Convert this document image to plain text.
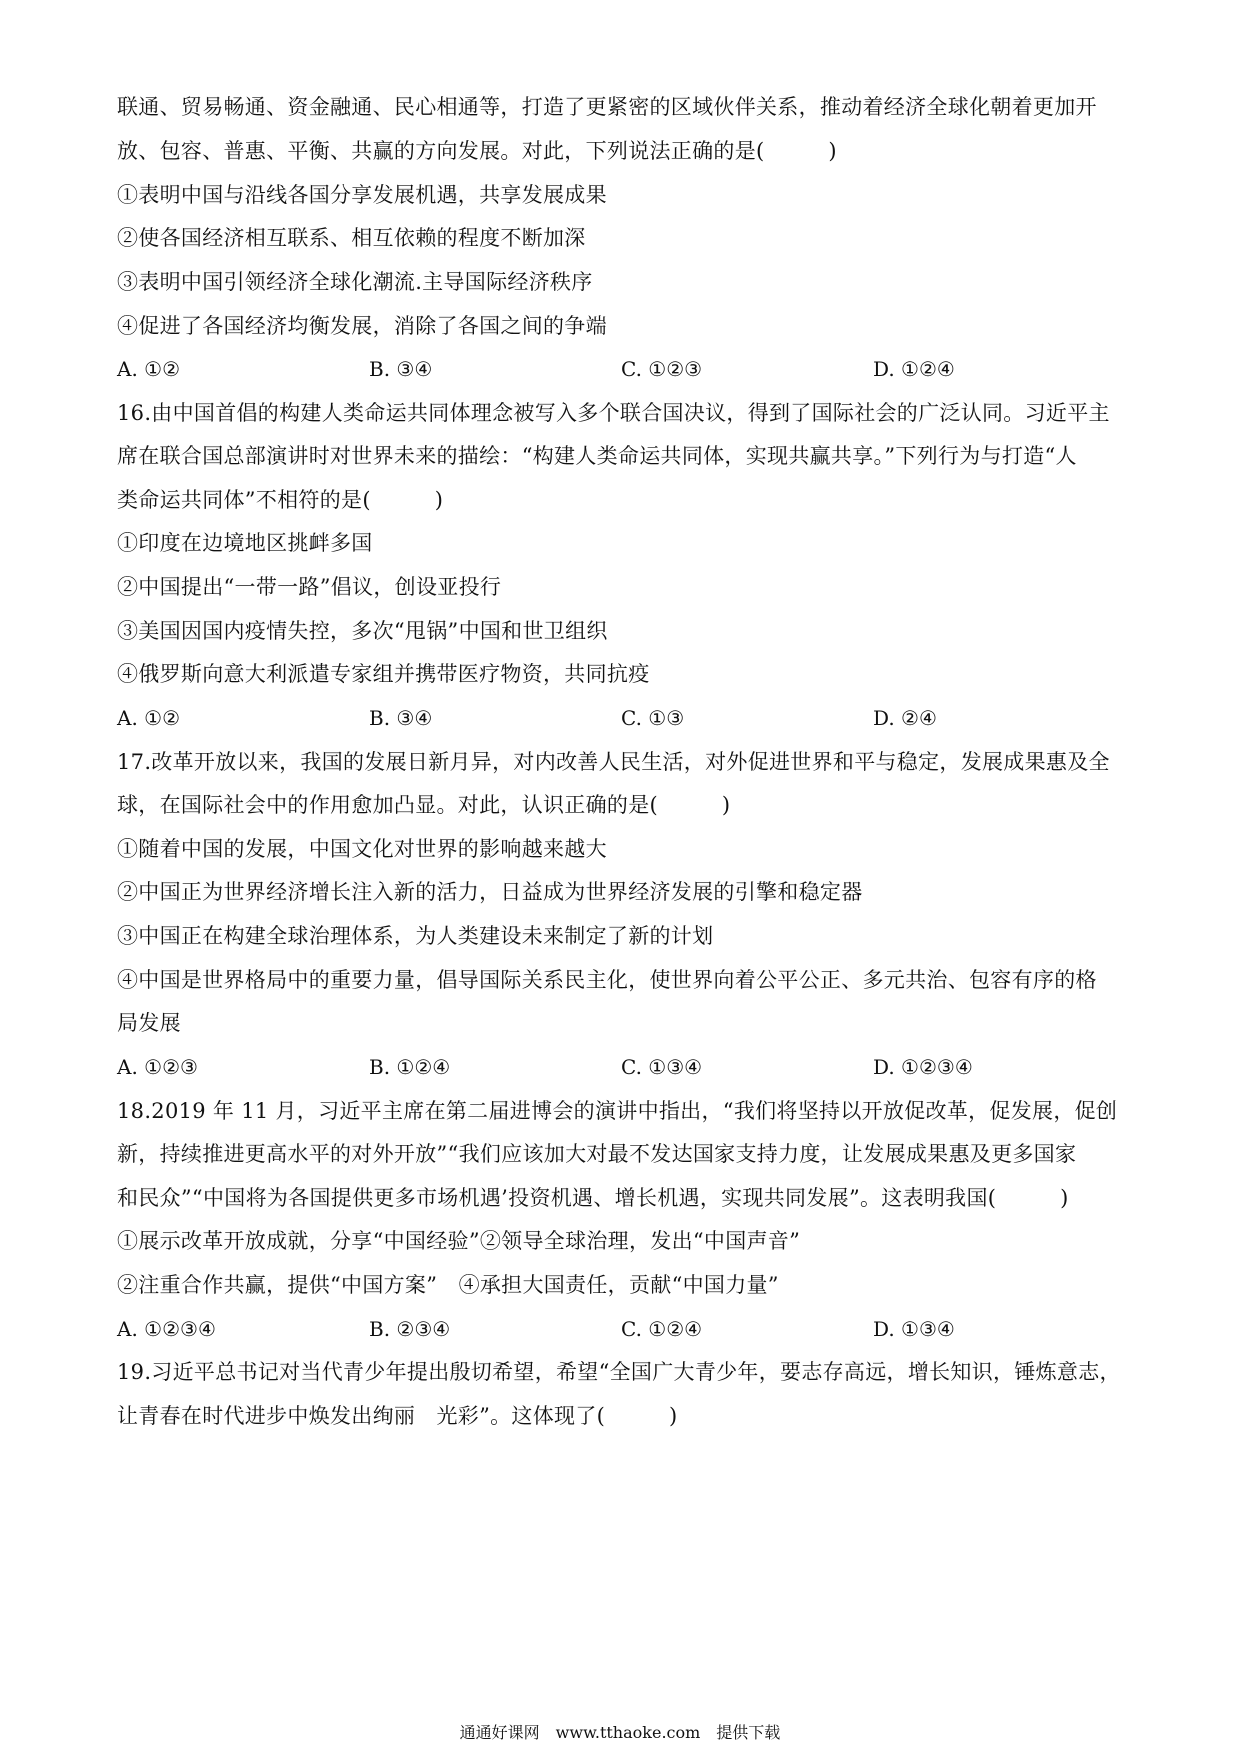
联通、贸易畅通、资金融通、民心相通等，打造了更紧密的区域伙伴关系，推动着经济全球化朝着更加开
放、包容、普惠、平衡、共赢的方向发展。对此，下列说法正确的是(　　　)
①表明中国与沿线各国分享发展机遇，共享发展成果
②使各国经济相互联系、相互依赖的程度不断加深
③表明中国引领经济全球化潮流.主导国际经济秩序
④促进了各国经济均衡发展，消除了各国之间的争端
A. ①②	B. ③④	C. ①②③	D. ①②④
16.由中国首倡的构建人类命运共同体理念被写入多个联合国决议，得到了国际社会的广泛认同。习近平主
席在联合国总部演讲时对世界未来的描绘：“构建人类命运共同体，实现共赢共享。”下列行为与打造“人
类命运共同体”不相符的是(　　　)
①印度在边境地区挑衅多国
②中国提出“一带一路”倡议，创设亚投行
③美国因国内疫情失控，多次“甩锅”中国和世卫组织
④俄罗斯向意大利派遣专家组并携带医疗物资，共同抗疫
A. ①②	B. ③④	C. ①③	D. ②④
17.改革开放以来，我国的发展日新月异，对内改善人民生活，对外促进世界和平与稳定，发展成果惠及全
球，在国际社会中的作用愈加凸显。对此，认识正确的是(　　　)
①随着中国的发展，中国文化对世界的影响越来越大
②中国正为世界经济增长注入新的活力，日益成为世界经济发展的引擎和稳定器
③中国正在构建全球治理体系，为人类建设未来制定了新的计划
④中国是世界格局中的重要力量，倡导国际关系民主化，使世界向着公平公正、多元共治、包容有序的格
局发展
A. ①②③	B. ①②④	C. ①③④	D. ①②③④
18.2019 年 11 月，习近平主席在第二届进博会的演讲中指出，“我们将坚持以开放促改革，促发展，促创
新，持续推进更高水平的对外开放”“我们应该加大对最不发达国家支持力度，让发展成果惠及更多国家
和民众”“中国将为各国提供更多市场机遇’投资机遇、增长机遇，实现共同发展”。这表明我国(　　　)
①展示改革开放成就，分享“中国经验”②领导全球治理，发出“中国声音”
②注重合作共赢，提供“中国方案”　④承担大国责任，贡献“中国力量”
A. ①②③④	B. ②③④	C. ①②④	D. ①③④
19.习近平总书记对当代青少年提出殷切希望，希望“全国广大青少年，要志存高远，增长知识，锤炼意志，
让青春在时代进步中焕发出绚丽　光彩”。这体现了(　　　)
通通好课网　www.tthaoke.com　提供下载
